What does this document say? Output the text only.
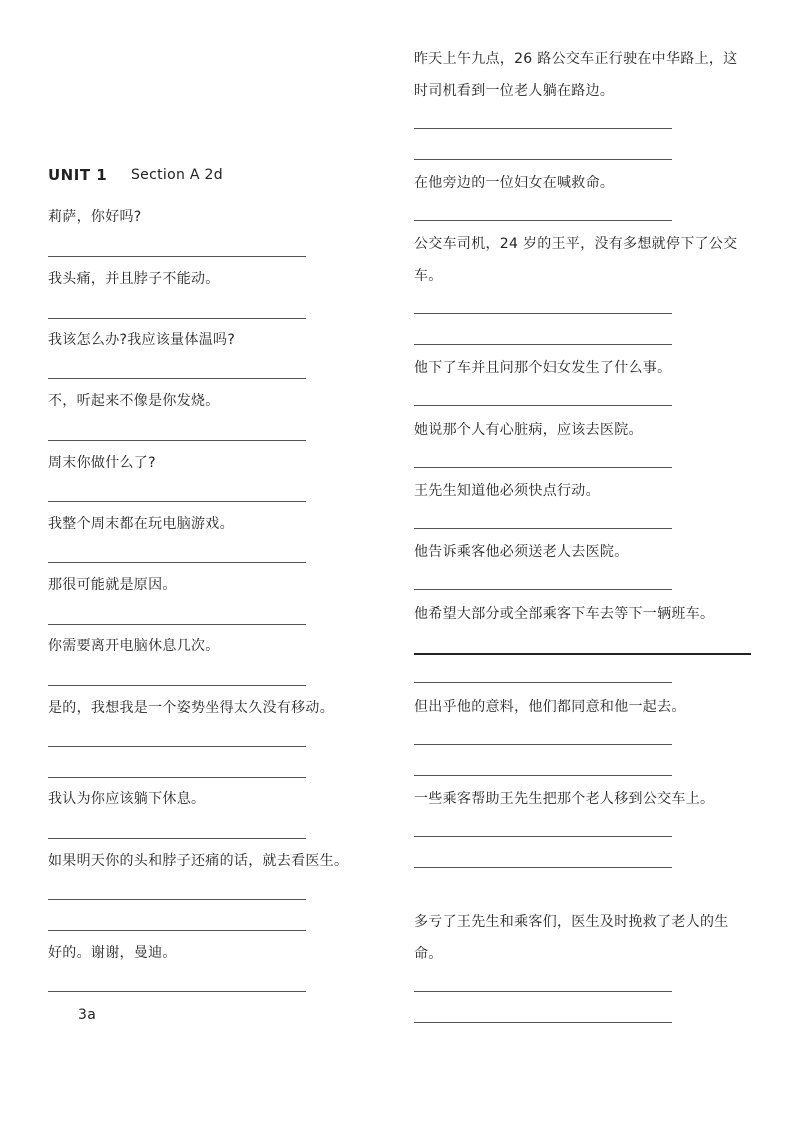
UNIT 1 Section A 2d
莉萨，你好吗?
我头痛，并且脖子不能动。
我该怎么办?我应该量体温吗?
不，听起来不像是你发烧。
周末你做什么了?
我整个周末都在玩电脑游戏。
那很可能就是原因。
你需要离开电脑休息几次。
是的，我想我是一个姿势坐得太久没有移动。
我认为你应该躺下休息。
如果明天你的头和脖子还痛的话，就去看医生。
好的。谢谢，曼迪。
3a
昨天上午九点，26 路公交车正行驶在中华路上，这
时司机看到一位老人躺在路边。
在他旁边的一位妇女在喊救命。
公交车司机，24 岁的王平，没有多想就停下了公交
车。
他下了车并且问那个妇女发生了什么事。
她说那个人有心脏病，应该去医院。
王先生知道他必须快点行动。
他告诉乘客他必须送老人去医院。
他希望大部分或全部乘客下车去等下一辆班车。
但出乎他的意料，他们都同意和他一起去。
一些乘客帮助王先生把那个老人移到公交车上。
多亏了王先生和乘客们，医生及时挽救了老人的生
命。
